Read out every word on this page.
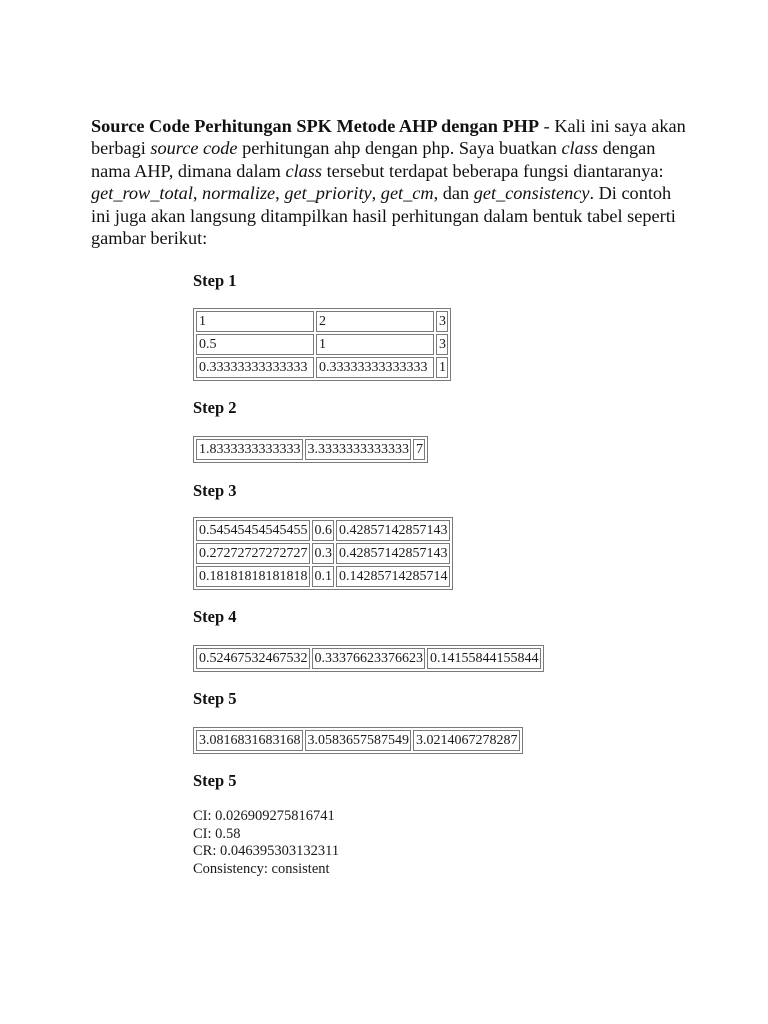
Source Code Perhitungan SPK Metode AHP dengan PHP - Kali ini saya akan berbagi source code perhitungan ahp dengan php. Saya buatkan class dengan nama AHP, dimana dalam class tersebut terdapat beberapa fungsi diantaranya: get_row_total, normalize, get_priority, get_cm, dan get_consistency. Di contoh ini juga akan langsung ditampilkan hasil perhitungan dalam bentuk tabel seperti gambar berikut:

Step 1
1	2	3
0.5	1	3
0.33333333333333	0.33333333333333	1
Step 2
1.8333333333333	3.3333333333333	7
Step 3
0.54545454545455	0.6	0.42857142857143
0.27272727272727	0.3	0.42857142857143
0.18181818181818	0.1	0.14285714285714
Step 4
0.52467532467532	0.33376623376623	0.14155844155844
Step 5
3.0816831683168	3.0583657587549	3.0214067278287
Step 5
CI: 0.026909275816741
CI: 0.58
CR: 0.046395303132311
Consistency: consistent
